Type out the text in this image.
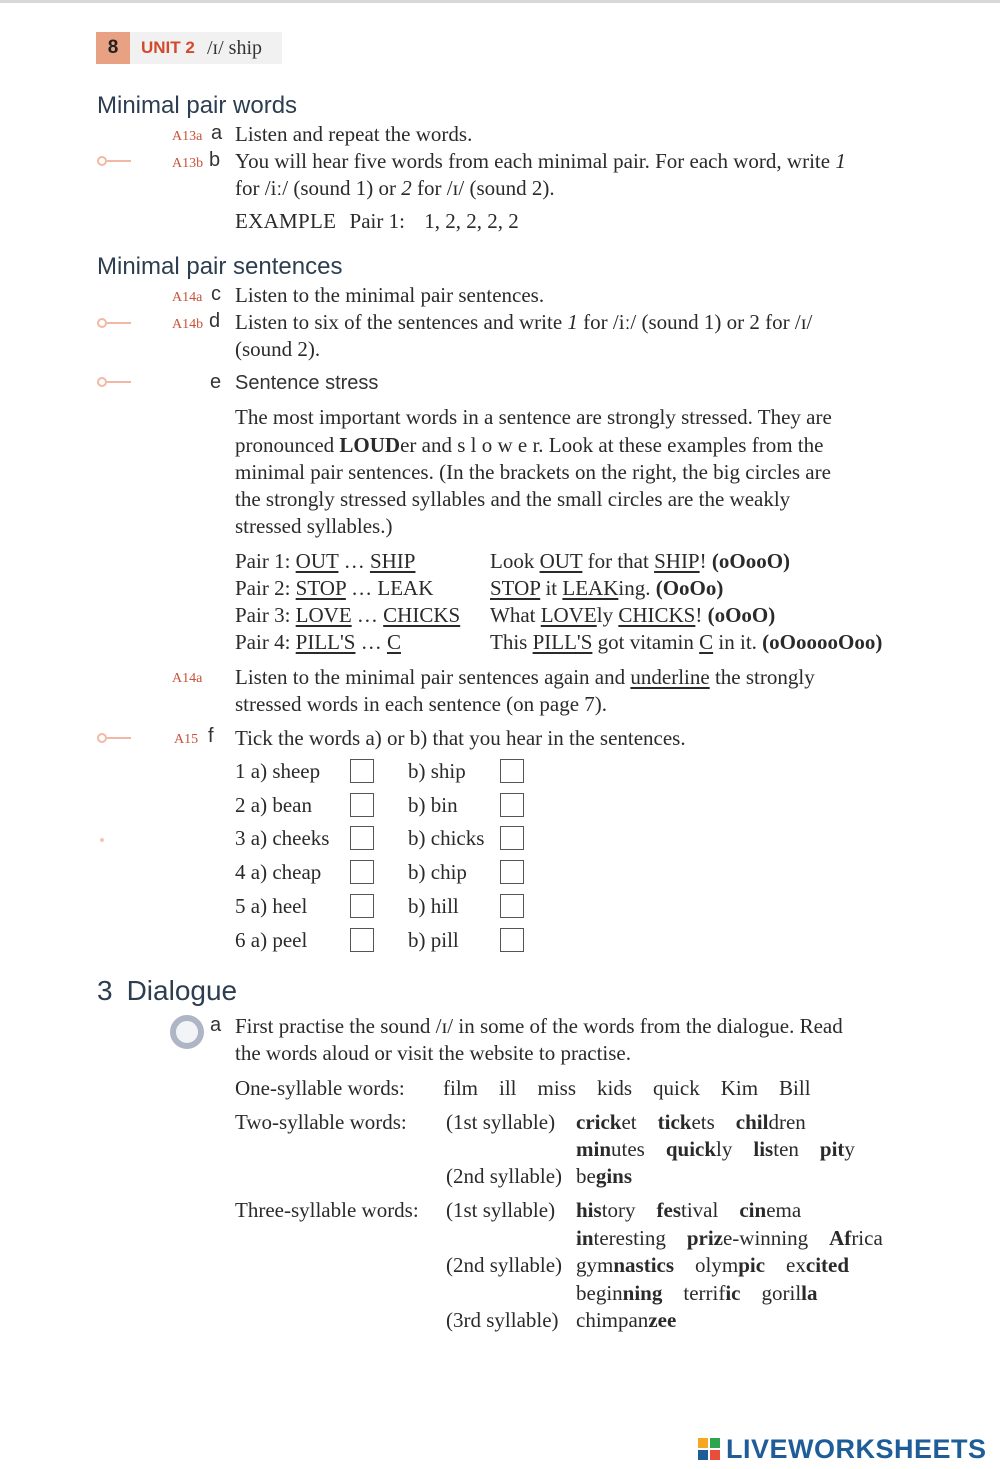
8	UNIT 2 /ɪ/ ship
Minimal pair words
A13a a Listen and repeat the words.
A13b b You will hear five words from each minimal pair. For each word, write 1
for /iː/ (sound 1) or 2 for /ɪ/ (sound 2).
EXAMPLE Pair 1: 1, 2, 2, 2, 2
Minimal pair sentences
A14a c Listen to the minimal pair sentences.
A14b d Listen to six of the sentences and write 1 for /iː/ (sound 1) or 2 for /ɪ/
(sound 2).
e Sentence stress
The most important words in a sentence are strongly stressed. They are
pronounced LOUDer and s l o w e r. Look at these examples from the
minimal pair sentences. (In the brackets on the right, the big circles are
the strongly stressed syllables and the small circles are the weakly
stressed syllables.)
Pair 1: OUT … SHIP	Look OUT for that SHIP! (oOooO)
Pair 2: STOP … LEAK	STOP it LEAKing. (OoOo)
Pair 3: LOVE … CHICKS What LOVEly CHICKS! (oOoO)
Pair 4: PILL'S … C	This PILL'S got vitamin C in it. (oOooooOoo)
A14a Listen to the minimal pair sentences again and underline the strongly
stressed words in each sentence (on page 7).
A15 f Tick the words a) or b) that you hear in the sentences.
1 a) sheep	b) ship
2 a) bean	b) bin
3 a) cheeks	b) chicks
4 a) cheap	b) chip
5 a) heel	b) hill
6 a) peel	b) pill
3 Dialogue
a First practise the sound /ɪ/ in some of the words from the dialogue. Read
the words aloud or visit the website to practise.
One-syllable words: film ill miss kids quick Kim Bill
Two-syllable words: (1st syllable) cricket tickets children
minutes quickly listen pity
(2nd syllable) begins
Three-syllable words: (1st syllable) history festival cinema
interesting prize-winning Africa
(2nd syllable) gymnastics olympic excited
beginning terrific gorilla
(3rd syllable) chimpanzee
LIVEWORKSHEETS
